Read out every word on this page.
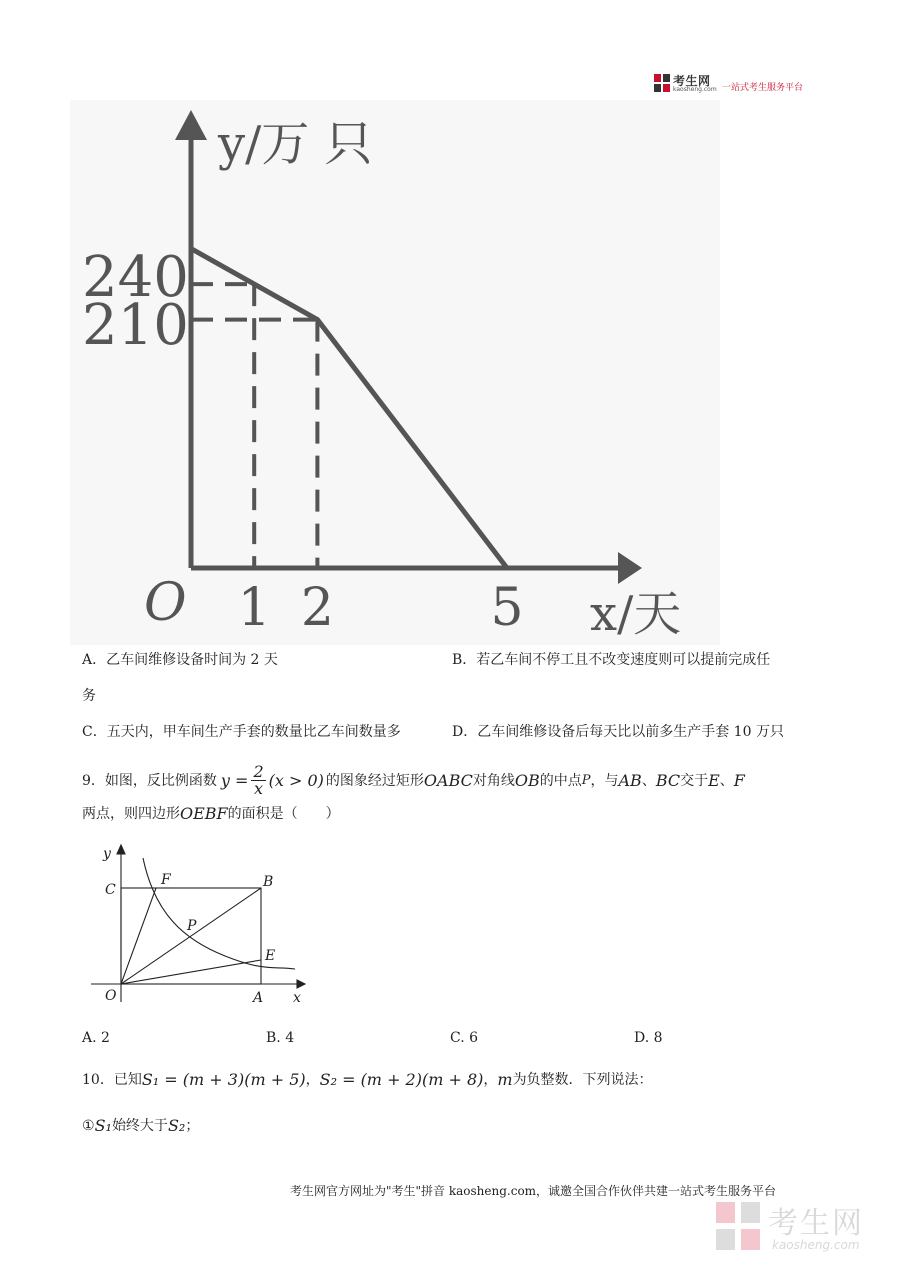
考生网
kaosheng.com 一站式考生服务平台
y/万 只
x/天
O 1 2	5
240
210
A．乙车间维修设备时间为 2 天	B．若乙车间不停工且不改变速度则可以提前完成任
务
C．五天内，甲车间生产手套的数量比乙车间数量多	D．乙车间维修设备后每天比以前多生产手套 10 万只
9．如图，反比例函数 $y = \frac{2}{x} (x > 0)$ 的图象经过矩形 OABC 对角线 OB 的中点 P ，与 AB 、 BC 交于 E 、 F
两点，则四边形 OEBF 的面积是（　　）
y
x
O	A
B
C
E
F
P
A. 2	B. 4	C. 6	D. 8
10．已知 S₁ = (m + 3)(m + 5) ， S₂ = (m + 2)(m + 8) ， m 为负整数．下列说法：
① S₁ 始终大于 S₂ ；
考生网官方网址为"考生"拼音 kaosheng.com，诚邀全国合作伙伴共建一站式考生服务平台
考生网
kaosheng.com
